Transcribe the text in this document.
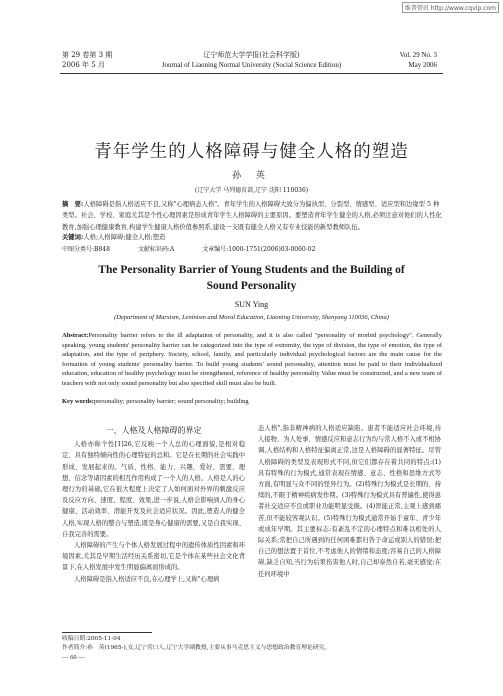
维普资讯 http://www.cqvip.com
第 29 卷第 3 期
2006 年 5 月
辽宁师范大学学报(社会科学版)
Journal of Liaoning Normal University (Social Science Edition)
Vol. 29 No. 3
May 2006
青年学生的人格障碍与健全人格的塑造
孙 英
(辽宁大学 马列德育部,辽宁 沈阳 110036)
摘　要:人格障碍是指人格适应不良,又称"心理病态人格"。青年学生的人格障碍大致分为偏执型、分裂型、情感型、适应型和边缘型 5 种类型。社会、学校、家庭尤其是个性心理因素是形成青年学生人格障碍的主要原因。要塑造青年学生健全的人格,必须注意对他们的人性化教育,加强心理健康教育,构建学生健康人格价值参照系,建设一支既有健全人格又有专业技能的新型教师队伍。
关键词:人格;人格障碍;健全人格;塑造
中图分类号:B848	文献标识码:A	文章编号:1000-1751(2006)03-0060-02
The Personality Barrier of Young Students and the Building of
Sound Personality
SUN Ying
(Department of Marxism, Leninism and Moral Education, Liaoning University, Shenyang 110036, China)
Abstract:Personality barrier refers to the ill adaptation of personality, and it is also called "personality of morbid psychology". Generally speaking, young students' personality barrier can be categorized into the type of extremity, the type of division, the type of emotion, the type of adaptation, and the type of periphery. Society, school, family, and particularly individual psychological factors are the main cause for the formation of young students' personality barrier. To build young students' sound personality, attention must be paid to their individualized education, education of healthy psychology must be strengthened, reference of healthy personality Value must be constructed, and a new team of teachers with not only sound personality but also specified skill must also be built.
Key words:personality; personality barrier; sound personality; building
一、人格及人格障碍的界定

人格亦称个性[1]26,它反映一个人总的心理面貌,是相对稳定、具有独特倾向性的心理特征的总和。它是在长期的社会实践中形成、发展起来的。气质、性格、能力、兴趣、爱好、需要、理想、信念等诸因素的相互作用构成了一个人的人格。人格是人的心理行为的基础,它在很大程度上决定了人如何面对外界的刺激反应及反应方向、速度、程度、效果,进一步说,人格会影响到人的身心健康、活动效率、潜能开发及社会适应状况。因此,塑造人的健全人格,实现人格的整合与塑造,既是身心健康的需要,又是自我实现、自我完善的需要。

人格障碍的产生与个体人格发展过程中的遗传体质性因素和环境因素,尤其是早期生活经历关系密切,它是个体在某些社会文化背景下,在人格发展中发生明显偏离而形成的。

人格障碍是指人格适应不良,在心理学上,又称"心理病

态人格",指非精神病的人格适应缺陷。患者不能适应社会环境,待人接物、为人处事、情感反应和意志行为均与常人格不入或不相协调,人格结构和人格特征偏离正常,这是人格障碍的显著特征。尽管人格障碍的类型及表现形式不同,但它们都存在着共同的特点:(1)具有特殊的行为模式,通常表现在情感、意志、性格和思维方式等方面,有明显与众不同的怪异行为。(2)特殊行为模式是长期的、持续的,不限于精神疾病发作期。(3)特殊行为模式具有普遍性,使得患者社交适应不良或职业功能明显受损。(4)智能正常,主观上感到痛苦,但不能较客观认识。(5)特殊行为模式通常开始于童年、青少年或成年早期。其主要标志:有紊乱不定的心理特点和难以相处的人际关系;常把自己所遇到的任何困难都归咎于命运或别人的错误;把自己的想法置于首位,不考虑他人的情绪和态度;容易自己的人格障碍,缺乏自知,当行为后果伤害他人时,自己却泰然自若,毫无感觉;在任何环境中

收稿日期:2005-11-04
作者简介:孙　英(1965-),女,辽宁营口人,辽宁大学副教授,主要从事马克思主义与思想政治教育理论研究。
— 60 —
